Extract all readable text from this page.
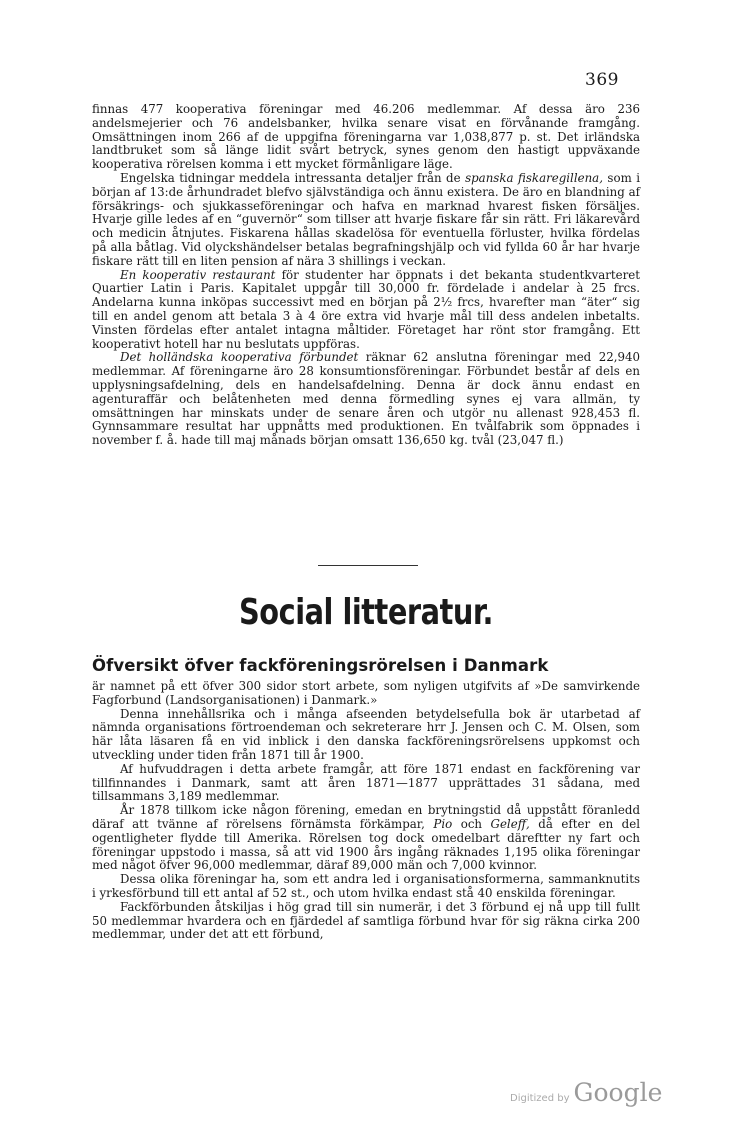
369

finnas 477 kooperativa föreningar med 46.206 medlemmar. Af dessa äro 236 andelsmejerier och 76 andelsbanker, hvilka senare visat en förvånande framgång. Omsättningen inom 266 af de uppgifna föreningarna var 1,038,877 p. st. Det irländska landtbruket som så länge lidit svårt betryck, synes genom den hastigt uppväxande kooperativa rörelsen komma i ett mycket förmånligare läge.

Engelska tidningar meddela intressanta detaljer från de spanska fiskaregillena, som i början af 13:de århundradet blefvo självständiga och ännu existera. De äro en blandning af försäkrings- och sjukkasseföreningar och hafva en marknad hvarest fisken försäljes. Hvarje gille ledes af en “guvernör“ som tillser att hvarje fiskare får sin rätt. Fri läkarevård och medicin åtnjutes. Fiskarena hållas skadelösa för eventuella förluster, hvilka fördelas på alla båtlag. Vid olyckshändelser betalas begrafningshjälp och vid fyllda 60 år har hvarje fiskare rätt till en liten pension af nära 3 shillings i veckan.

En kooperativ restaurant för studenter har öppnats i det bekanta studentkvarteret Quartier Latin i Paris. Kapitalet uppgår till 30,000 fr. fördelade i andelar à 25 frcs. Andelarna kunna inköpas successivt med en början på 2½ frcs, hvarefter man “äter“ sig till en andel genom att betala 3 à 4 öre extra vid hvarje mål till dess andelen inbetalts. Vinsten fördelas efter antalet intagna måltider. Företaget har rönt stor framgång. Ett kooperativt hotell har nu beslutats uppföras.

Det holländska kooperativa förbundet räknar 62 anslutna föreningar med 22,940 medlemmar. Af föreningarne äro 28 konsumtionsföreningar. Förbundet består af dels en upplysningsafdelning, dels en handelsafdelning. Denna är dock ännu endast en agenturaffär och belåtenheten med denna förmedling synes ej vara allmän, ty omsättningen har minskats under de senare åren och utgör nu allenast 928,453 fl. Gynnsammare resultat har uppnåtts med produktionen. En tvålfabrik som öppnades i november f. å. hade till maj månads början omsatt 136,650 kg. tvål (23,047 fl.)

Social litteratur.
Öfversikt öfver fackföreningsrörelsen i Danmark

är namnet på ett öfver 300 sidor stort arbete, som nyligen utgifvits af »De samvirkende Fagforbund (Landsorganisationen) i Danmark.»

Denna innehållsrika och i många afseenden betydelsefulla bok är utarbetad af nämnda organisations förtroendeman och sekreterare hrr J. Jensen och C. M. Olsen, som här låta läsaren få en vid inblick i den danska fackföreningsrörelsens uppkomst och utveckling under tiden från 1871 till år 1900.

Af hufvuddragen i detta arbete framgår, att före 1871 endast en fackförening var tillfinnandes i Danmark, samt att åren 1871—1877 upprättades 31 sådana, med tillsammans 3,189 medlemmar.

År 1878 tillkom icke någon förening, emedan en brytningstid då uppstått föranledd däraf att tvänne af rörelsens förnämsta förkämpar, Pio och Geleff, då efter en del ogentligheter flydde till Amerika. Rörelsen tog dock omedelbart däreftter ny fart och föreningar uppstodo i massa, så att vid 1900 års ingång räknades 1,195 olika föreningar med något öfver 96,000 medlemmar, däraf 89,000 män och 7,000 kvinnor.

Dessa olika föreningar ha, som ett andra led i organisationsformerna, sammanknutits i yrkesförbund till ett antal af 52 st., och utom hvilka endast stå 40 enskilda föreningar.

Fackförbunden åtskiljas i hög grad till sin numerär, i det 3 förbund ej nå upp till fullt 50 medlemmar hvardera och en fjärdedel af samtliga förbund hvar för sig räkna cirka 200 medlemmar, under det att ett förbund,

Digitized by Google
